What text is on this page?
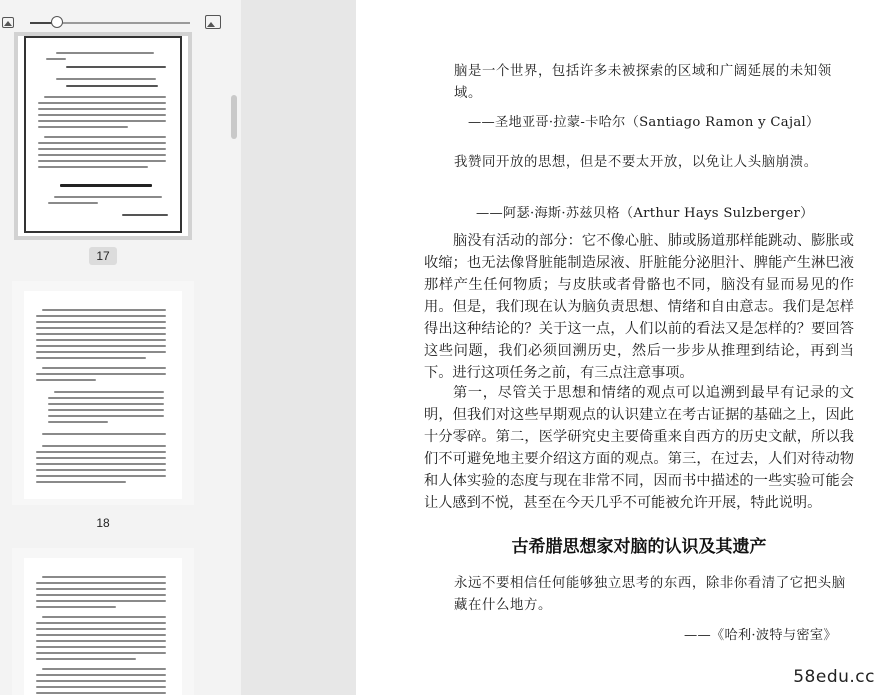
17
18

脑是一个世界，包括许多未被探索的区域和广阔延展的未知领域。

——圣地亚哥·拉蒙-卡哈尔（Santiago Ramon y Cajal）

我赞同开放的思想，但是不要太开放，以免让人头脑崩溃。

——阿瑟·海斯·苏兹贝格（Arthur Hays Sulzberger）

脑没有活动的部分：它不像心脏、肺或肠道那样能跳动、膨胀或收缩；也无法像肾脏能制造尿液、肝脏能分泌胆汁、脾能产生淋巴液那样产生任何物质；与皮肤或者骨骼也不同，脑没有显而易见的作用。但是，我们现在认为脑负责思想、情绪和自由意志。我们是怎样得出这种结论的？关于这一点，人们以前的看法又是怎样的？要回答这些问题，我们必须回溯历史，然后一步步从推理到结论，再到当下。进行这项任务之前，有三点注意事项。

第一，尽管关于思想和情绪的观点可以追溯到最早有记录的文明，但我们对这些早期观点的认识建立在考古证据的基础之上，因此十分零碎。第二，医学研究史主要倚重来自西方的历史文献，所以我们不可避免地主要介绍这方面的观点。第三，在过去，人们对待动物和人体实验的态度与现在非常不同，因而书中描述的一些实验可能会让人感到不悦，甚至在今天几乎不可能被允许开展，特此说明。

古希腊思想家对脑的认识及其遗产

永远不要相信任何能够独立思考的东西，除非你看清了它把头脑藏在什么地方。

——《哈利·波特与密室》

58edu.cc
